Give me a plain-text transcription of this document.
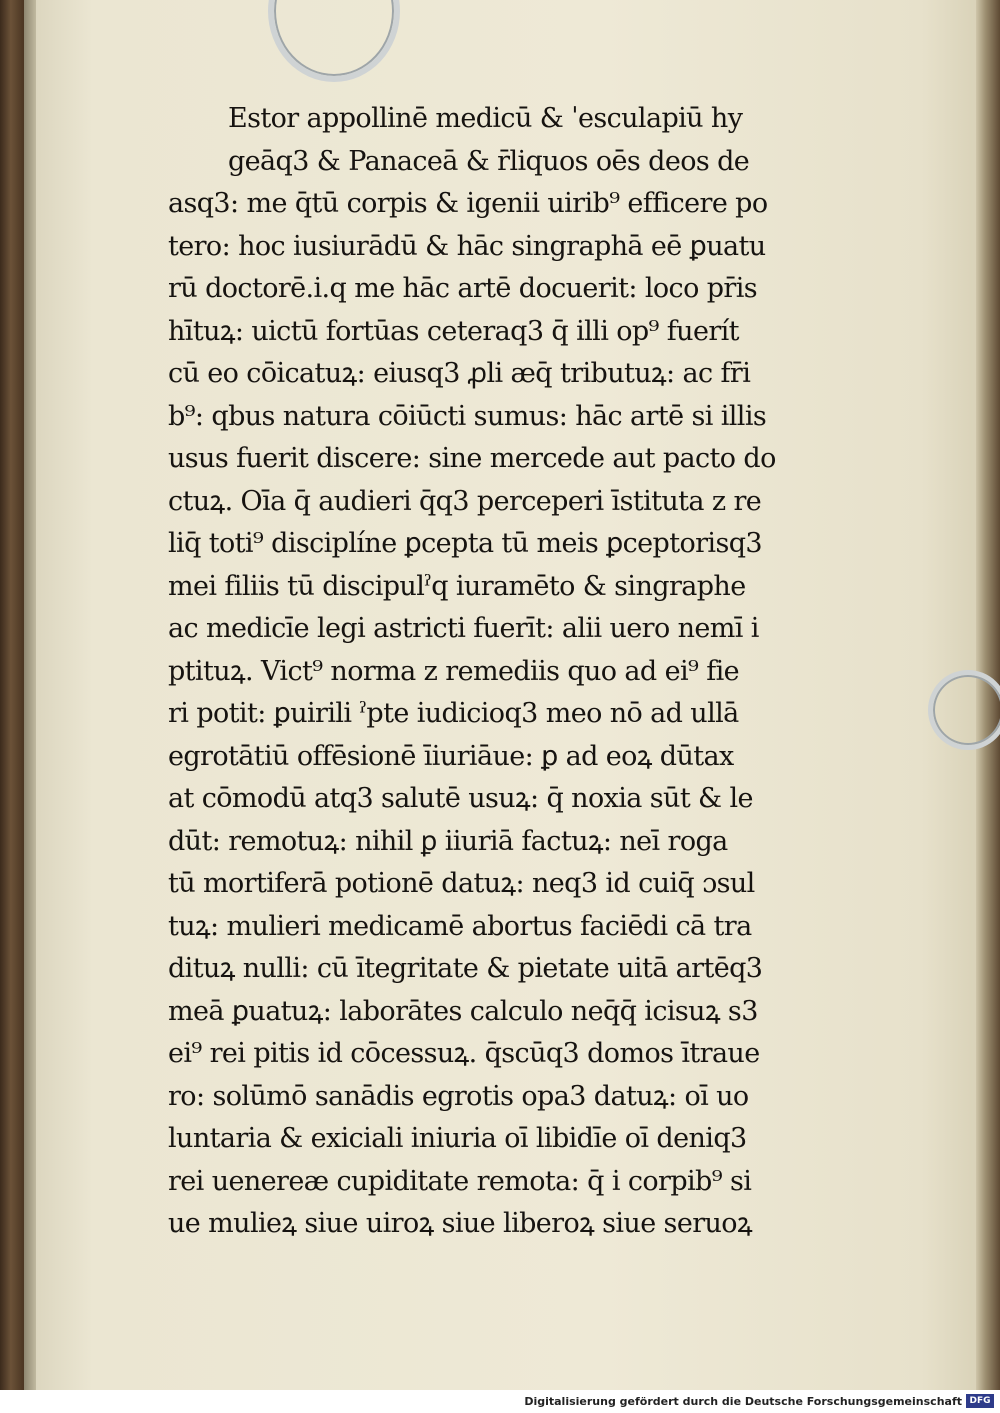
Estor appollinē medicū & ˈesculapiū hy
geāq3 & Panaceā & r̄liquos oēs deos de
asq3: me q̄tū corpis & igenii uirib⁹ efficere po
tero: hoc iusiurādū & hāc singraphā eē ꝑuatu
rū doctorē.i.q me hāc artē docuerit: loco pr̄is
hītuꝝ: uictū fortūas ceteraq3 q̄ illi op⁹ fuerít
cū eo cōicatuꝝ: eiusq3 ꝓli æq̄ tributuꝝ: ac fr̄i
b⁹: qbus natura cōiūcti sumus: hāc artē si illis
usus fuerit discere: sine mercede aut pacto do
ctuꝝ. Oīa q̄ audieri q̄q3 perceperi īstituta z re
liq̄ toti⁹ disciplíne ꝑcepta tū meis ꝑceptorisq3
mei filiis tū discipulˀq iuramēto & singraphe
ac medicīe legi astricti fuerīt: alii uero nemī i
ptituꝝ. Vict⁹ norma z remediis quo ad ei⁹ fie
ri potit: ꝑuirili ˀpte iudicioq3 meo nō ad ullā
egrotātiū offēsionē īiuriāue: ꝑ ad eoꝝ dūtax
at cōmodū atq3 salutē usuꝝ: q̄ noxia sūt & le
dūt: remotuꝝ: nihil ꝑ iiuriā factuꝝ: neī roga
tū mortiferā potionē datuꝝ: neq3 id cuiq̄ ɔsul
tuꝝ: mulieri medicamē abortus faciēdi cā tra
dituꝝ nulli: cū ītegritate & pietate uitā artēq3
meā ꝑuatuꝝ: laborātes calculo neq̄q̄ icisuꝝ s3
ei⁹ rei pitis id cōcessuꝝ. q̄scūq3 domos ītraue
ro: solūmō sanādis egrotis opa3 datuꝝ: oī uo
luntaria & exiciali iniuria oī libidīe oī deniq3
rei uenereæ cupiditate remota: q̄ i corpib⁹ si
ue mulieꝝ siue uiroꝝ siue liberoꝝ siue seruoꝝ
Digitalisierung gefördert durch die Deutsche Forschungsgemeinschaft DFG
